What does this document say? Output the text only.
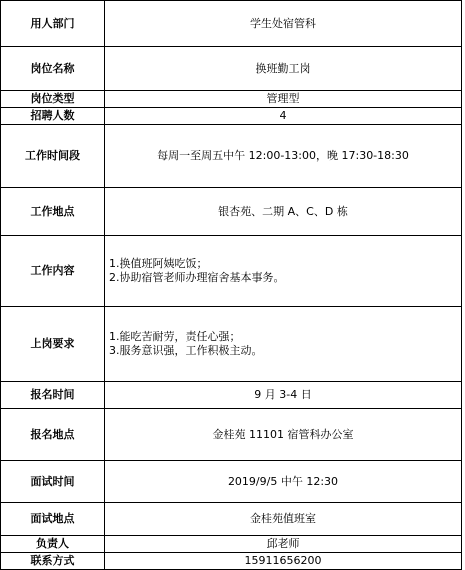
用人部门	学生处宿管科
岗位名称	换班勤工岗
岗位类型	管理型
招聘人数	4
工作时间段	每周一至周五中午 12:00-13:00，晚 17:30-18:30
工作地点	银杏苑、二期 A、C、D 栋
工作内容	1.换值班阿姨吃饭；
2.协助宿管老师办理宿舍基本事务。

上岗要求	1.能吃苦耐劳，责任心强；
3.服务意识强，工作积极主动。

报名时间	9 月 3-4 日
报名地点	金桂苑 11101 宿管科办公室
面试时间	2019/9/5 中午 12:30
面试地点	金桂苑值班室
负责人	邱老师
联系方式	15911656200
